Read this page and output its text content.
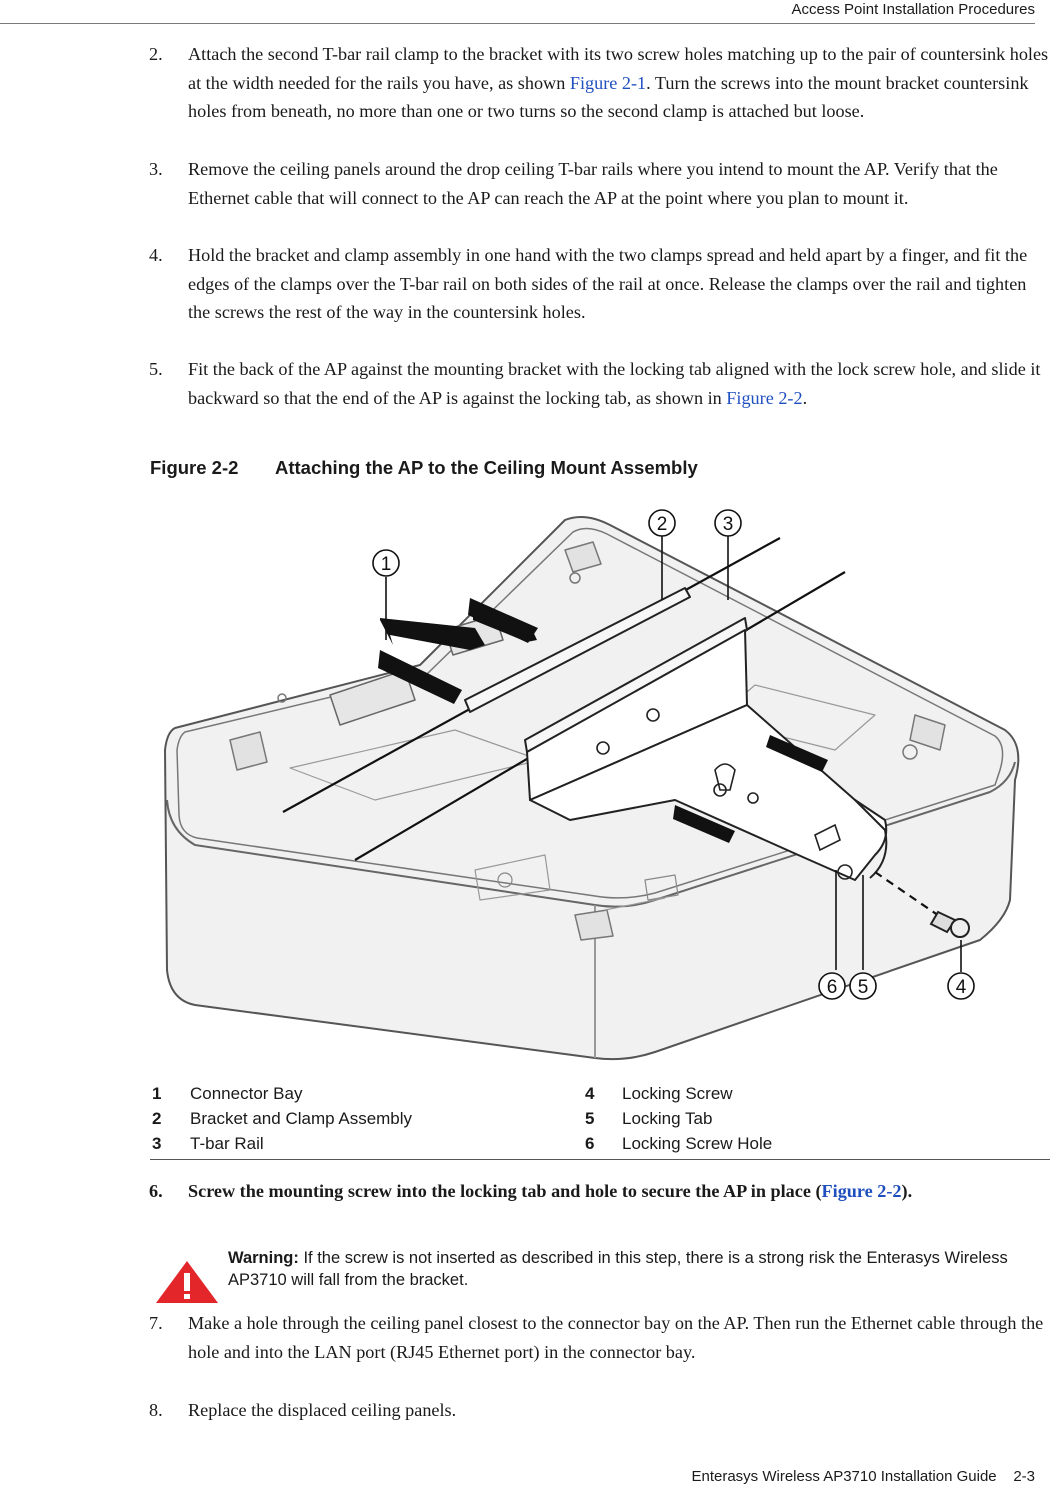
Access Point Installation Procedures
2. Attach the second T-bar rail clamp to the bracket with its two screw holes matching up to the pair of countersink holes at the width needed for the rails you have, as shown Figure 2-1. Turn the screws into the mount bracket countersink holes from beneath, no more than one or two turns so the second clamp is attached but loose.
3. Remove the ceiling panels around the drop ceiling T-bar rails where you intend to mount the AP. Verify that the Ethernet cable that will connect to the AP can reach the AP at the point where you plan to mount it.
4. Hold the bracket and clamp assembly in one hand with the two clamps spread and held apart by a finger, and fit the edges of the clamps over the T-bar rail on both sides of the rail at once. Release the clamps over the rail and tighten the screws the rest of the way in the countersink holes.
5. Fit the back of the AP against the mounting bracket with the locking tab aligned with the lock screw hole, and slide it backward so that the end of the AP is against the locking tab, as shown in Figure 2-2.
Figure 2-2 Attaching the AP to the Ceiling Mount Assembly
1
2	3
4
5
6
1 Connector Bay	4 Locking Screw
2 Bracket and Clamp Assembly	5 Locking Tab
3 T-bar Rail	6 Locking Screw Hole
6. Screw the mounting screw into the locking tab and hole to secure the AP in place (Figure 2-2).
Warning: If the screw is not inserted as described in this step, there is a strong risk the Enterasys Wireless AP3710 will fall from the bracket.
7. Make a hole through the ceiling panel closest to the connector bay on the AP. Then run the Ethernet cable through the hole and into the LAN port (RJ45 Ethernet port) in the connector bay.
8. Replace the displaced ceiling panels.
Enterasys Wireless AP3710 Installation Guide 2-3
